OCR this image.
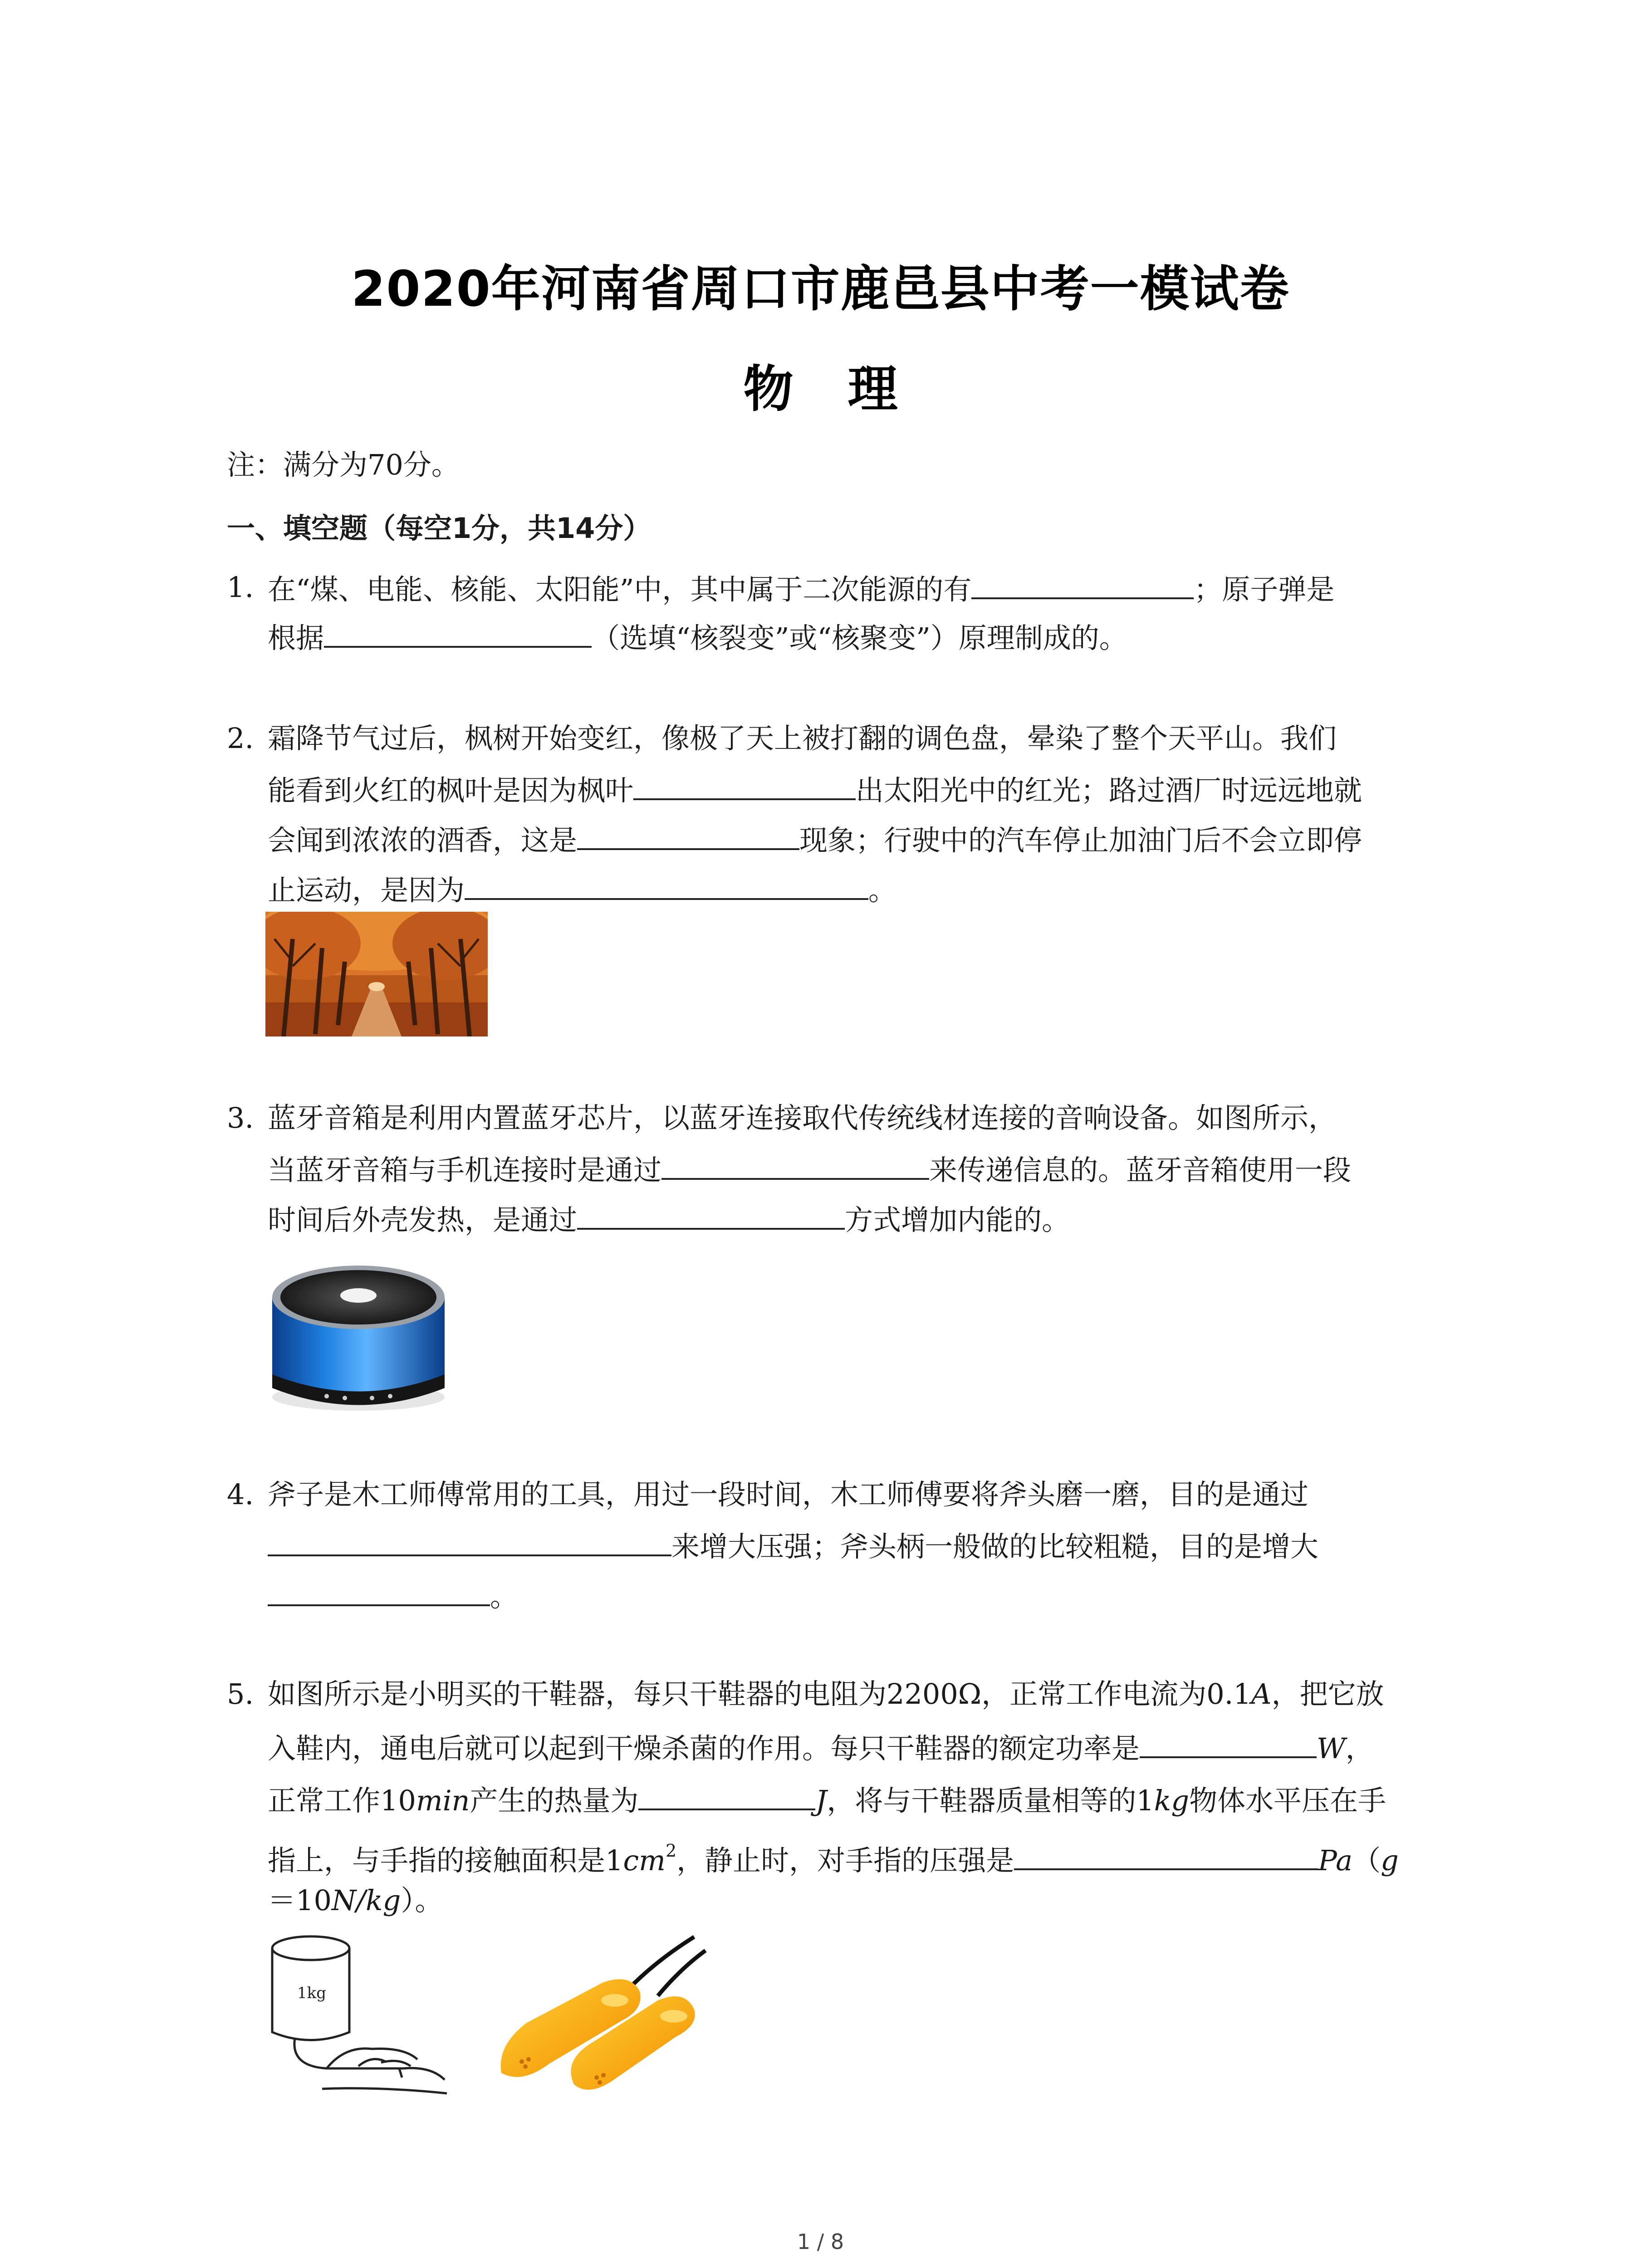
2020年河南省周口市鹿邑县中考一模试卷
物理
注：满分为70分。
一、填空题（每空1分，共14分）
1. 在“煤、电能、核能、太阳能”中，其中属于二次能源的有	；原子弹是
根据	（选填“核裂变”或“核聚变”）原理制成的。
2. 霜降节气过后，枫树开始变红，像极了天上被打翻的调色盘，晕染了整个天平山。我们
能看到火红的枫叶是因为枫叶	出太阳光中的红光；路过酒厂时远远地就
会闻到浓浓的酒香，这是	现象；行驶中的汽车停止加油门后不会立即停
止运动，是因为	。
3. 蓝牙音箱是利用内置蓝牙芯片，以蓝牙连接取代传统线材连接的音响设备。如图所示，
当蓝牙音箱与手机连接时是通过	来传递信息的。蓝牙音箱使用一段
时间后外壳发热，是通过	方式增加内能的。
4. 斧子是木工师傅常用的工具，用过一段时间，木工师傅要将斧头磨一磨，目的是通过
来增大压强；斧头柄一般做的比较粗糙，目的是增大
。
5. 如图所示是小明买的干鞋器，每只干鞋器的电阻为2200Ω，正常工作电流为0.1A，把它放
入鞋内，通电后就可以起到干燥杀菌的作用。每只干鞋器的额定功率是	W，
正常工作10min产生的热量为	J，将与干鞋器质量相等的1kg物体水平压在手
指上，与手指的接触面积是$1cm^2$，静止时，对手指的压强是	Pa（g
＝10N/kg）。
1kg
1 / 8
